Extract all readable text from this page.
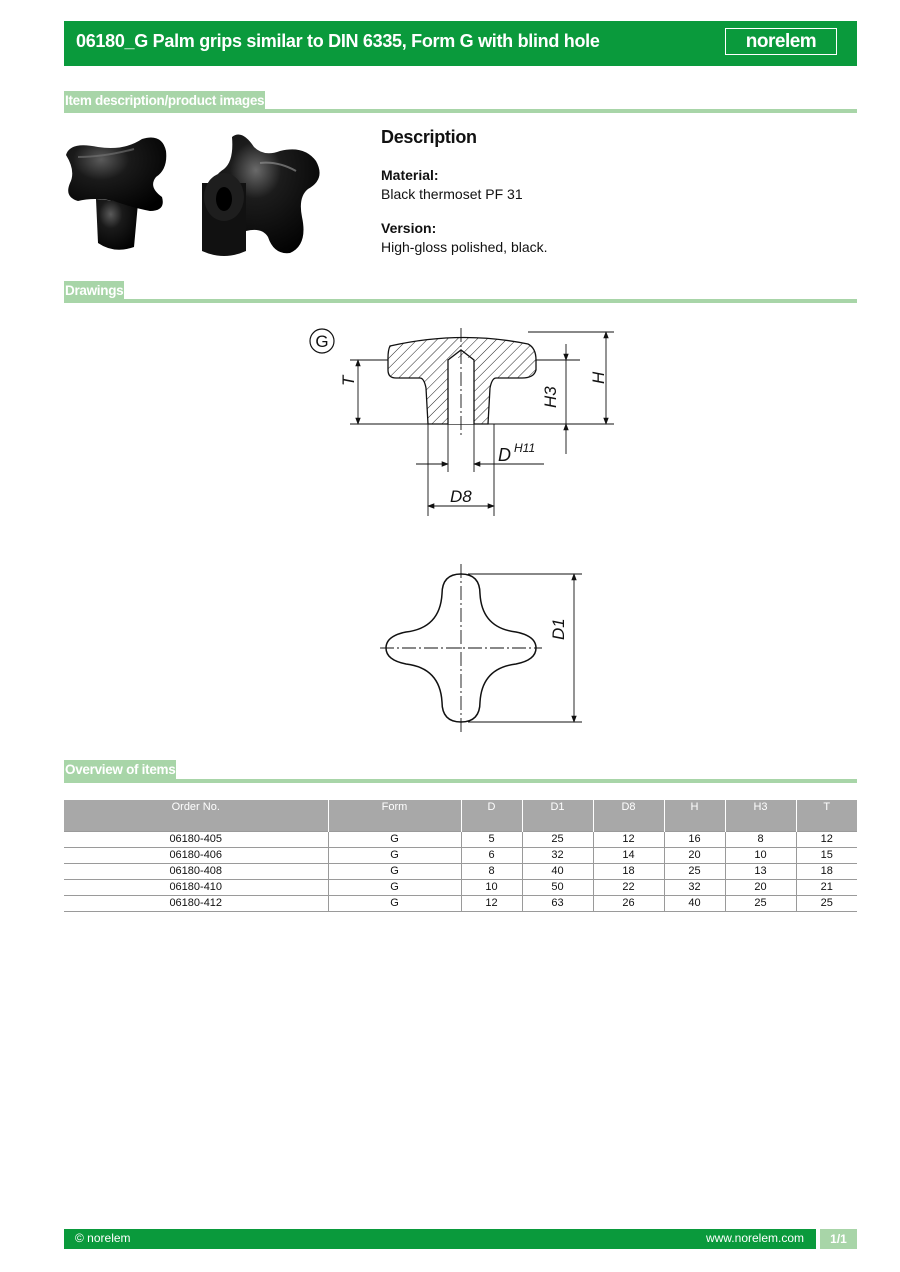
06180_G Palm grips similar to DIN 6335, Form G with blind hole	norelem
Item description/product images
Description
Material:
Black thermoset PF 31
Version:
High-gloss polished, black.
Drawings
G
T
H3
H
D H11
D8
D1
Overview of items
Order No.	Form	D	D1	D8	H	H3	T
06180-405	G	5	25	12	16	8	12
06180-406	G	6	32	14	20	10	15
06180-408	G	8	40	18	25	13	18
06180-410	G	10	50	22	32	20	21
06180-412	G	12	63	26	40	25	25
© norelem	www.norelem.com	1/1
